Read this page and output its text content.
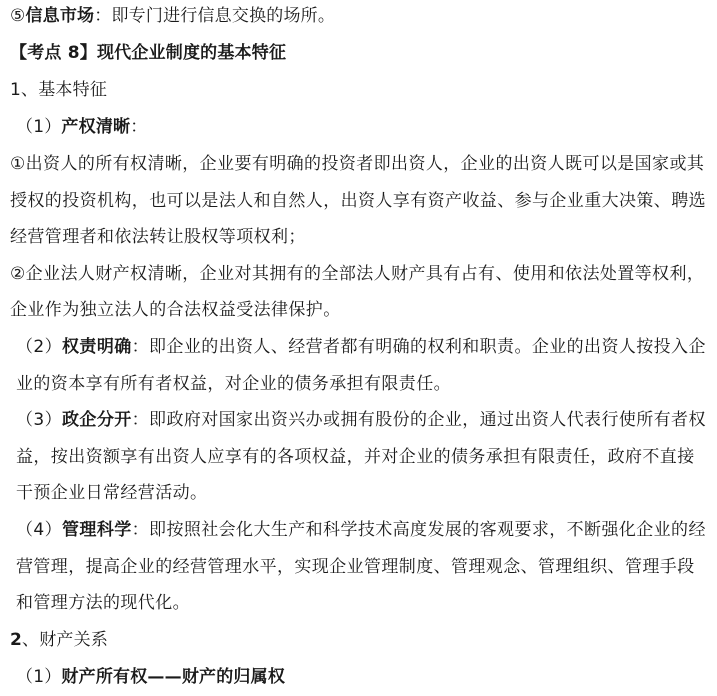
⑤信息市场：即专门进行信息交换的场所。
【考点 8】现代企业制度的基本特征
1、基本特征
（1）产权清晰：
①出资人的所有权清晰，企业要有明确的投资者即出资人，企业的出资人既可以是国家或其授权的投资机构，也可以是法人和自然人，出资人享有资产收益、参与企业重大决策、聘选经营管理者和依法转让股权等项权利；
②企业法人财产权清晰，企业对其拥有的全部法人财产具有占有、使用和依法处置等权利，企业作为独立法人的合法权益受法律保护。
（2）权责明确：即企业的出资人、经营者都有明确的权利和职责。企业的出资人按投入企业的资本享有所有者权益，对企业的债务承担有限责任。
（3）政企分开：即政府对国家出资兴办或拥有股份的企业，通过出资人代表行使所有者权益，按出资额享有出资人应享有的各项权益，并对企业的债务承担有限责任，政府不直接干预企业日常经营活动。
（4）管理科学：即按照社会化大生产和科学技术高度发展的客观要求，不断强化企业的经营管理，提高企业的经营管理水平，实现企业管理制度、管理观念、管理组织、管理手段和管理方法的现代化。
2、财产关系
（1）财产所有权——财产的归属权
